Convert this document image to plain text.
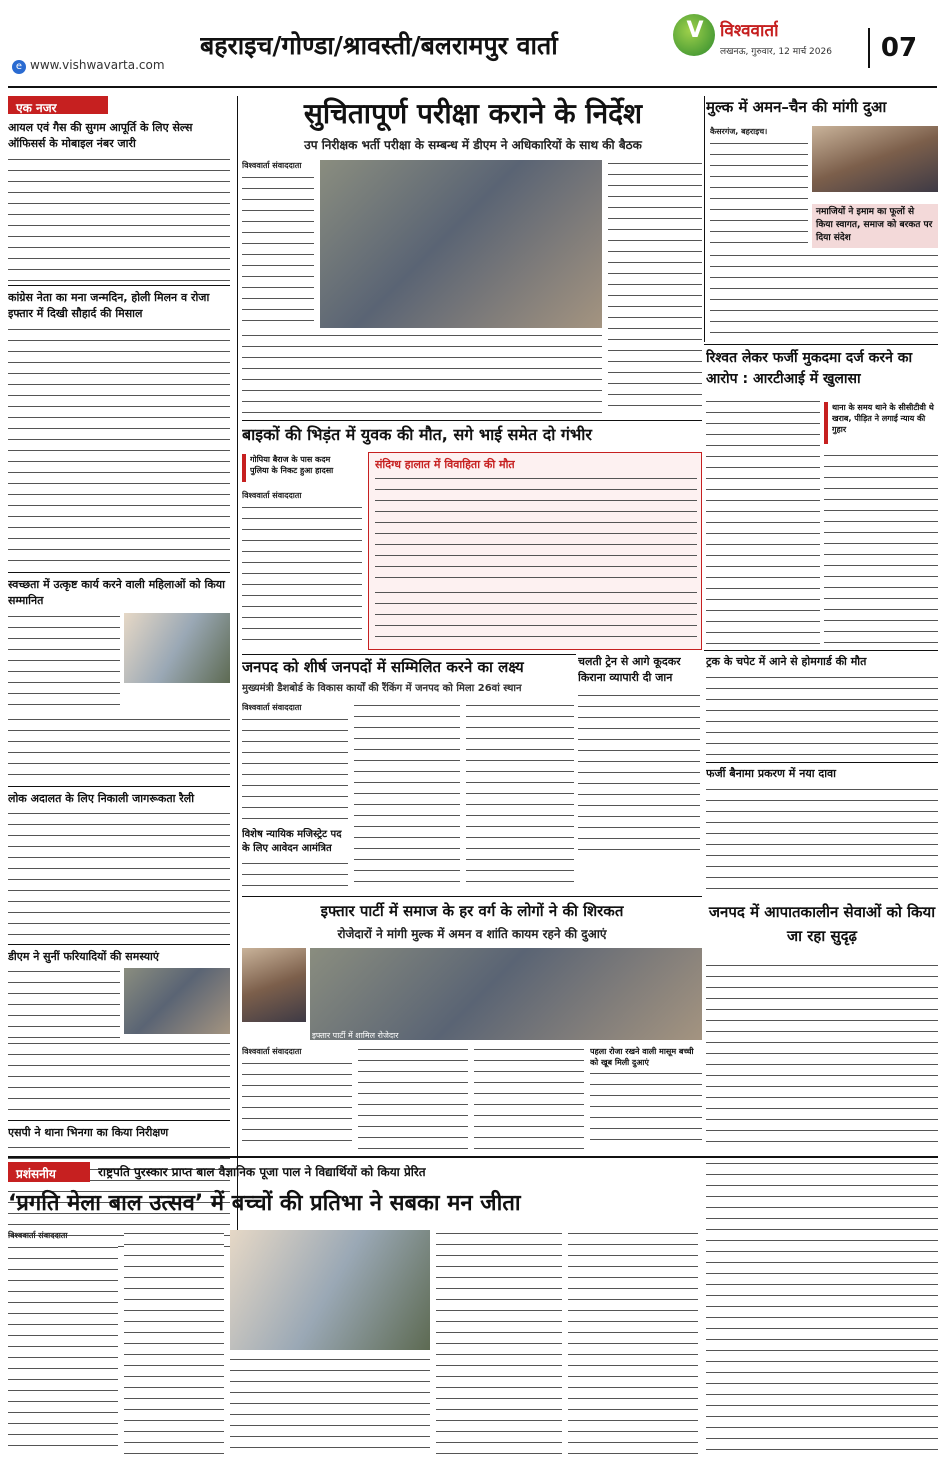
e www.vishwavarta.com
बहराइच/गोण्डा/श्रावस्ती/बलरामपुर वार्ता
V विश्ववार्ता
लखनऊ, गुरुवार, 12 मार्च 2026	07
एक नजर
आयल एवं गैस की सुगम आपूर्ति के लिए सेल्स ऑफिसर्स के मोबाइल नंबर जारी
कांग्रेस नेता का मना जन्मदिन, होली मिलन व रोजा इफ्तार में दिखी सौहार्द की मिसाल
स्वच्छता में उत्कृष्ट कार्य करने वाली महिलाओं को किया सम्मानित
लोक अदालत के लिए निकाली जागरूकता रैली
डीएम ने सुनीं फरियादियों की समस्याएं
एसपी ने थाना भिनगा का किया निरीक्षण
सुचितापूर्ण परीक्षा कराने के निर्देश
उप निरीक्षक भर्ती परीक्षा के सम्बन्ध में डीएम ने अधिकारियों के साथ की बैठक
विश्ववार्ता संवाददाता
मुल्क में अमन–चैन की मांगी दुआ
कैसरगंज, बहराइच।
नमाजियों ने इमाम का फूलों से किया स्वागत, समाज को बरकत पर दिया संदेश
बाइकों की भिड़ंत में युवक की मौत, सगे भाई समेत दो गंभीर
गोपिया बैराज के पास कदम पुलिया के निकट हुआ हादसा
विश्ववार्ता संवाददाता
संदिग्ध हालात में विवाहिता की मौत
रिश्वत लेकर फर्जी मुकदमा दर्ज करने का आरोप : आरटीआई में खुलासा
थाना के समय थाने के सीसीटीवी थे खराब, पीड़ित ने लगाई न्याय की गुहार
चलती ट्रेन से आगे कूदकर किराना व्यापारी दी जान
जनपद को शीर्ष जनपदों में सम्मिलित करने का लक्ष्य
मुख्यमंत्री डैशबोर्ड के विकास कार्यों की रैंकिंग में जनपद को मिला 26वां स्थान
विश्ववार्ता संवाददाता
विशेष न्यायिक मजिस्ट्रेट पद के लिए आवेदन आमंत्रित
ट्रक के चपेट में आने से होमगार्ड की मौत
फर्जी बैनामा प्रकरण में नया दावा
जनपद में आपातकालीन सेवाओं को किया जा रहा सुदृढ़
इफ्तार पार्टी में समाज के हर वर्ग के लोगों ने की शिरकत
रोजेदारों ने मांगी मुल्क में अमन व शांति कायम रहने की दुआएं
इफ्तार पार्टी में शामिल रोजेदार
विश्ववार्ता संवाददाता	पहला रोजा रखने वाली मासूम बच्ची को खूब मिली दुआएं
प्रशंसनीय	राष्ट्रपति पुरस्कार प्राप्त बाल वैज्ञानिक पूजा पाल ने विद्यार्थियों को किया प्रेरित
‘प्रगति मेला बाल उत्सव’ में बच्चों की प्रतिभा ने सबका मन जीता
विश्ववार्ता संवाददाता
